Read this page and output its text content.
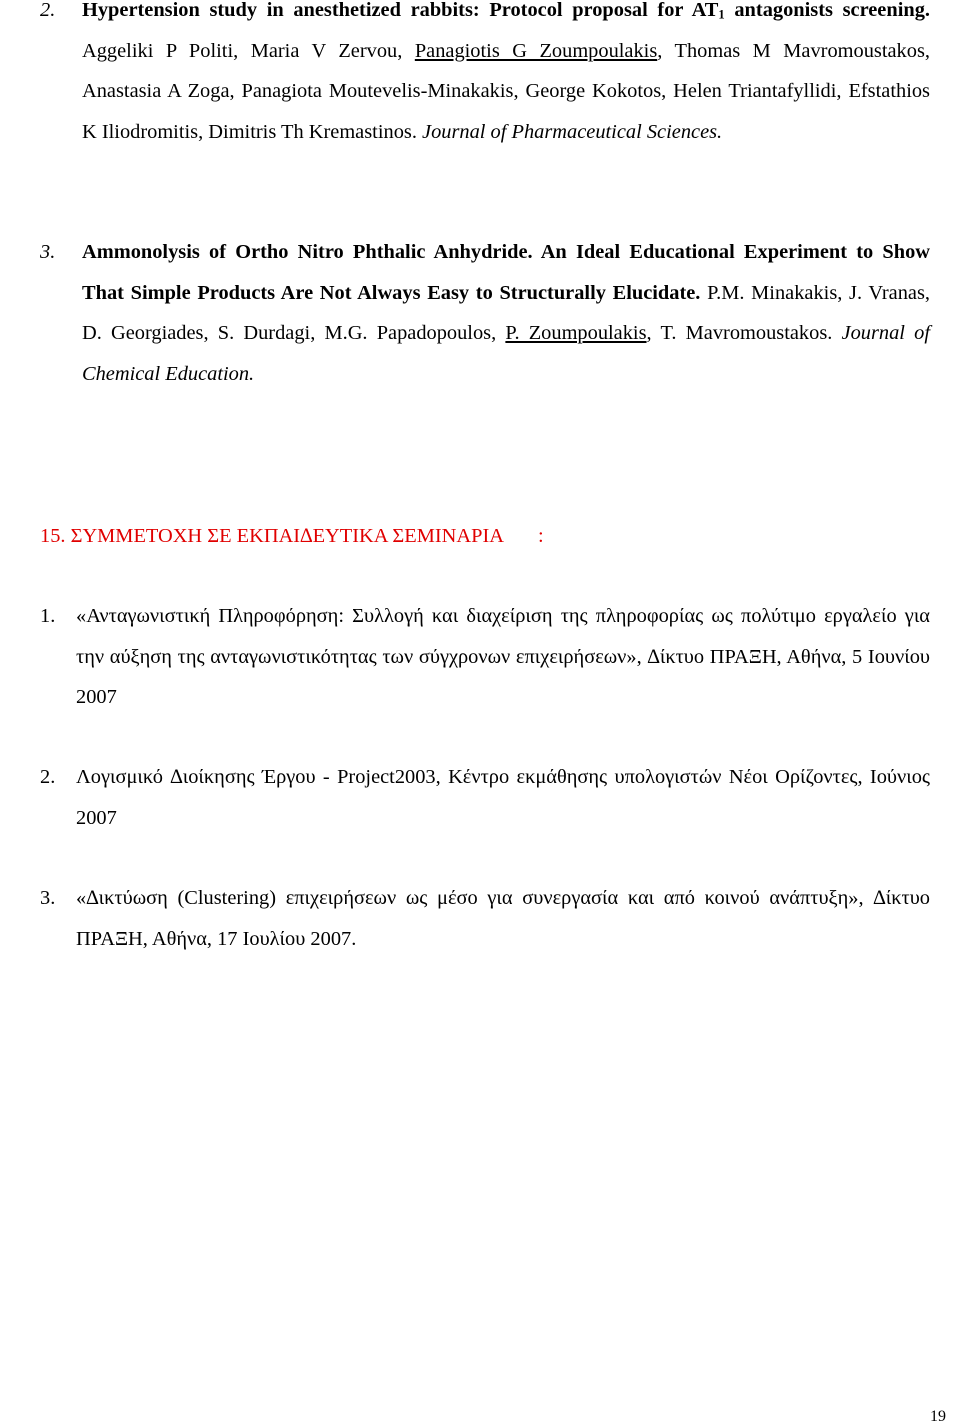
2. Hypertension study in anesthetized rabbits: Protocol proposal for $AT_1$ antagonists screening. Aggeliki P Politi, Maria V Zervou, Panagiotis G Zoumpoulakis, Thomas M Mavromoustakos, Anastasia A Zoga, Panagiota Moutevelis-Minakakis, George Kokotos, Helen Triantafyllidi, Efstathios K Iliodromitis, Dimitris Th Kremastinos. Journal of Pharmaceutical Sciences.
3. Ammonolysis of Ortho Nitro Phthalic Anhydride. An Ideal Educational Experiment to Show That Simple Products Are Not Always Easy to Structurally Elucidate. P.M. Minakakis, J. Vranas, D. Georgiades, S. Durdagi, M.G. Papadopoulos, P. Zoumpoulakis, T. Mavromoustakos. Journal of Chemical Education.
15. ΣΥΜΜΕΤΟΧΗ ΣΕ ΕΚΠΑΙ∆ΕΥΤΙΚΑ ΣΕΜΙΝΑΡΙΑ :
1. «Ανταγωνιστική Πληροφόρηση: Συλλογή και διαχείριση της πληροφορίας ως πολύτιμο εργαλείο για την αύξηση της ανταγωνιστικότητας των σύγχρονων επιχειρήσεων», ∆ίκτυο ΠΡΑΞΗ, Αθήνα, 5 Ιουνίου 2007
2. Λογισμικό ∆ιοίκησης Έργου - Project2003, Κέντρο εκμάθησης υπολογιστών Νέοι Ορίζοντες, Ιούνιος 2007
3. «∆ικτύωση (Clustering) επιχειρήσεων ως μέσο για συνεργασία και από κοινού ανάπτυξη», ∆ίκτυο ΠΡΑΞΗ, Αθήνα, 17 Ιουλίου 2007.
19
